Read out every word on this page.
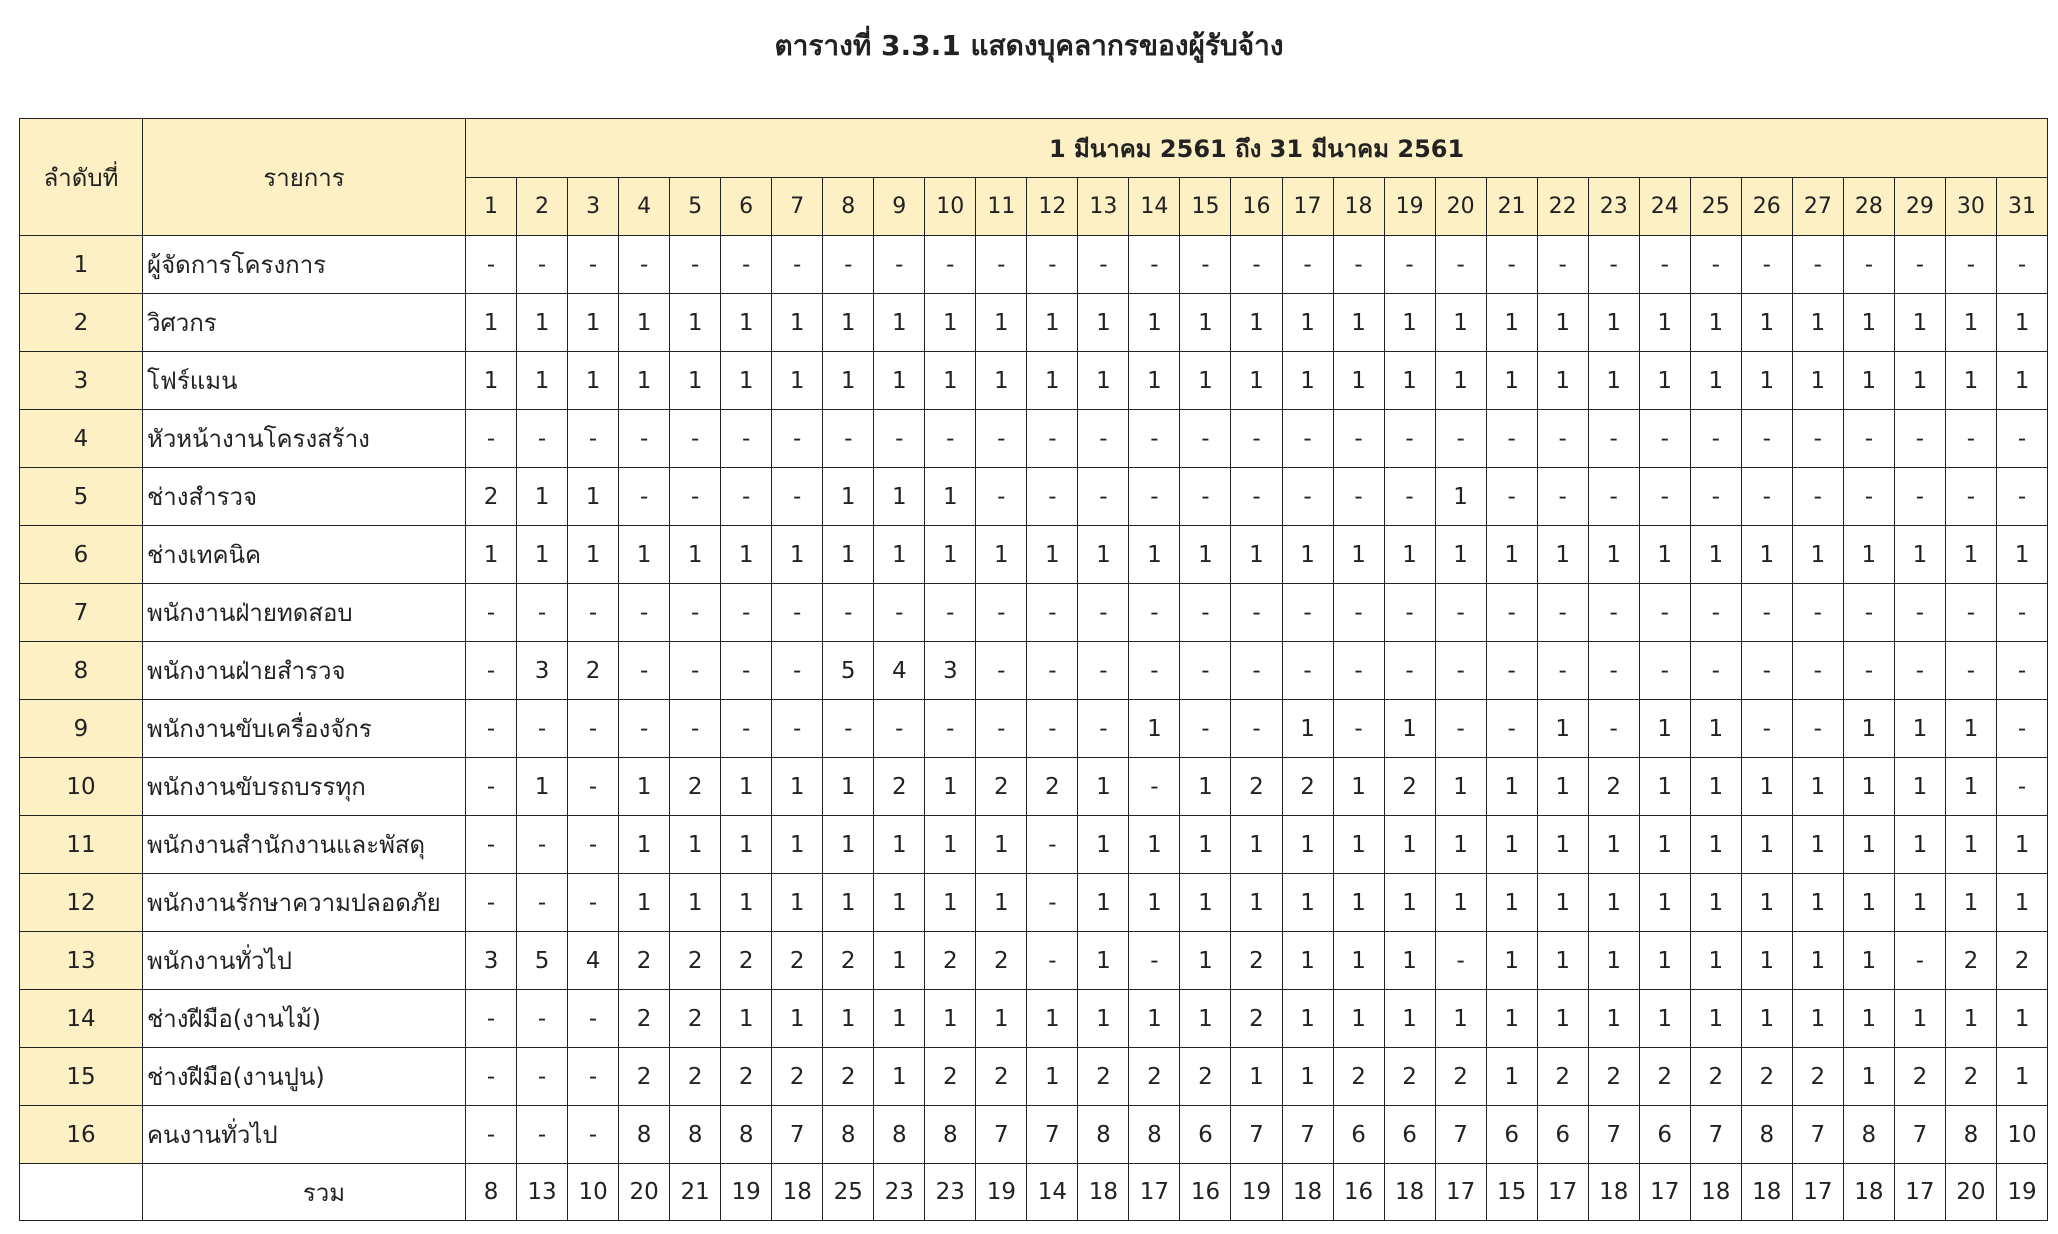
ตารางที่ 3.3.1 แสดงบุคลากรของผู้รับจ้าง
ลำดับที่	รายการ	1 มีนาคม 2561 ถึง 31 มีนาคม 2561																														
		1	2	3	4	5	6	7	8	9	10	11	12	13	14	15	16	17	18	19	20	21	22	23	24	25	26	27	28	29	30	31
1	ผู้จัดการโครงการ	-	-	-	-	-	-	-	-	-	-	-	-	-	-	-	-	-	-	-	-	-	-	-	-	-	-	-	-	-	-	-
2	วิศวกร	1	1	1	1	1	1	1	1	1	1	1	1	1	1	1	1	1	1	1	1	1	1	1	1	1	1	1	1	1	1	1
3	โฟร์แมน	1	1	1	1	1	1	1	1	1	1	1	1	1	1	1	1	1	1	1	1	1	1	1	1	1	1	1	1	1	1	1
4	หัวหน้างานโครงสร้าง	-	-	-	-	-	-	-	-	-	-	-	-	-	-	-	-	-	-	-	-	-	-	-	-	-	-	-	-	-	-	-
5	ช่างสำรวจ	2	1	1	-	-	-	-	1	1	1	-	-	-	-	-	-	-	-	-	1	-	-	-	-	-	-	-	-	-	-	-
6	ช่างเทคนิค	1	1	1	1	1	1	1	1	1	1	1	1	1	1	1	1	1	1	1	1	1	1	1	1	1	1	1	1	1	1	1
7	พนักงานฝ่ายทดสอบ	-	-	-	-	-	-	-	-	-	-	-	-	-	-	-	-	-	-	-	-	-	-	-	-	-	-	-	-	-	-	-
8	พนักงานฝ่ายสำรวจ	-	3	2	-	-	-	-	5	4	3	-	-	-	-	-	-	-	-	-	-	-	-	-	-	-	-	-	-	-	-	-
9	พนักงานขับเครื่องจักร	-	-	-	-	-	-	-	-	-	-	-	-	-	1	-	-	1	-	1	-	-	1	-	1	1	-	-	1	1	1	-
10	พนักงานขับรถบรรทุก	-	1	-	1	2	1	1	1	2	1	2	2	1	-	1	2	2	1	2	1	1	1	2	1	1	1	1	1	1	1	-
11	พนักงานสำนักงานและพัสดุ	-	-	-	1	1	1	1	1	1	1	1	-	1	1	1	1	1	1	1	1	1	1	1	1	1	1	1	1	1	1	1
12	พนักงานรักษาความปลอดภัย	-	-	-	1	1	1	1	1	1	1	1	-	1	1	1	1	1	1	1	1	1	1	1	1	1	1	1	1	1	1	1
13	พนักงานทั่วไป	3	5	4	2	2	2	2	2	1	2	2	-	1	-	1	2	1	1	1	-	1	1	1	1	1	1	1	1	-	2	2
14	ช่างฝีมือ(งานไม้)	-	-	-	2	2	1	1	1	1	1	1	1	1	1	1	2	1	1	1	1	1	1	1	1	1	1	1	1	1	1	1
15	ช่างฝีมือ(งานปูน)	-	-	-	2	2	2	2	2	1	2	2	1	2	2	2	1	1	2	2	2	1	2	2	2	2	2	2	1	2	2	1
16	คนงานทั่วไป	-	-	-	8	8	8	7	8	8	8	7	7	8	8	6	7	7	6	6	7	6	6	7	6	7	8	7	8	7	8	10
	รวม	8	13	10	20	21	19	18	25	23	23	19	14	18	17	16	19	18	16	18	17	15	17	18	17	18	18	17	18	17	20	19
